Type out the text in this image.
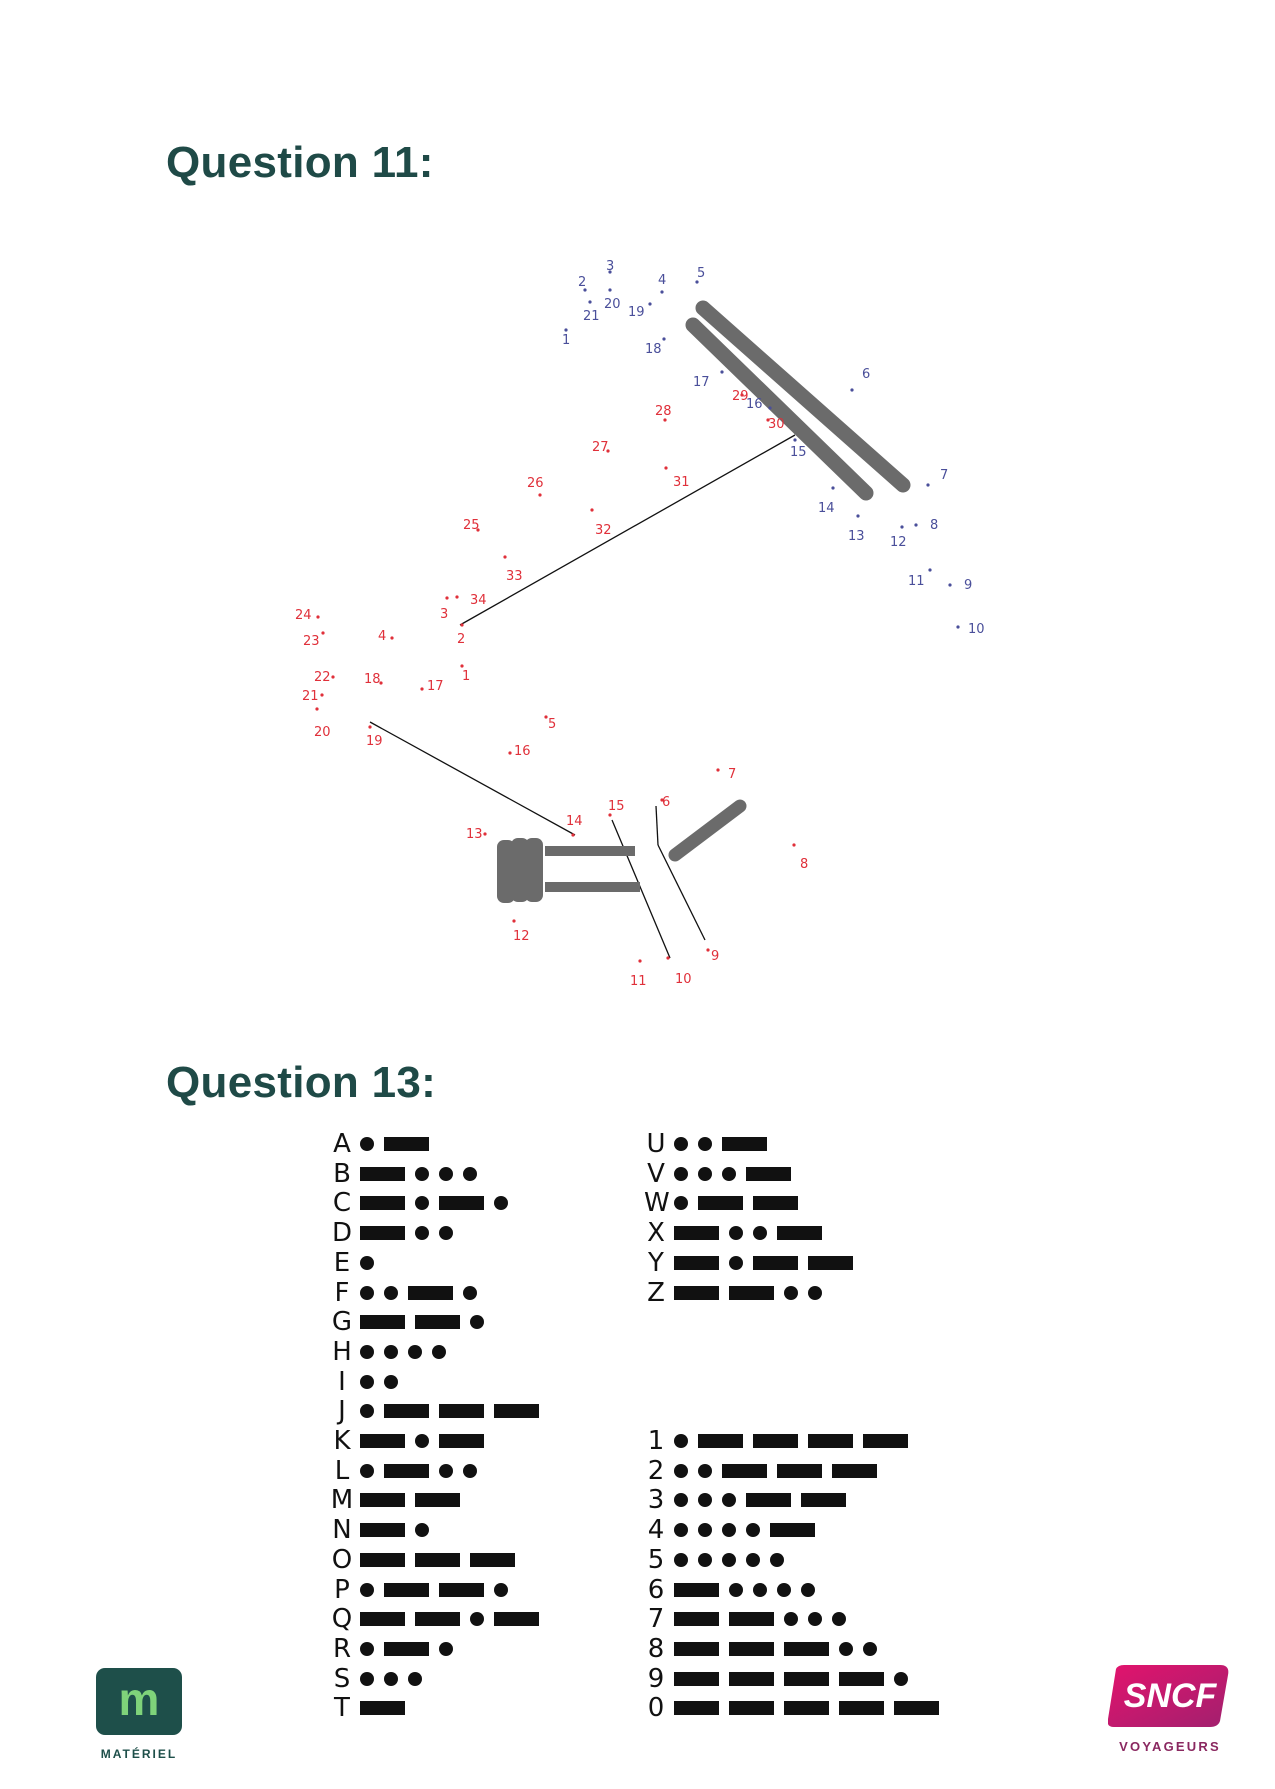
Question 11:
1
2
3
4 5
6
7
8
9
10
11
12
13
14
15
16
17
18
19
20
21
1
2
3
4
5
6
7
8
9
10
11
12
13
14
15
16
17
18
19
20
21
22
23
24
25
26
27
28
29
30
31
32
33
34
Question 13:
A
B
C
D
E
F
G
H
I
J
K
L
M
N
O
P
Q
R
S
T
U
V
W
X
Y
Z
1
2
3
4
5
6
7
8
9
0
m
MATÉRIEL
SNCF
VOYAGEURS
